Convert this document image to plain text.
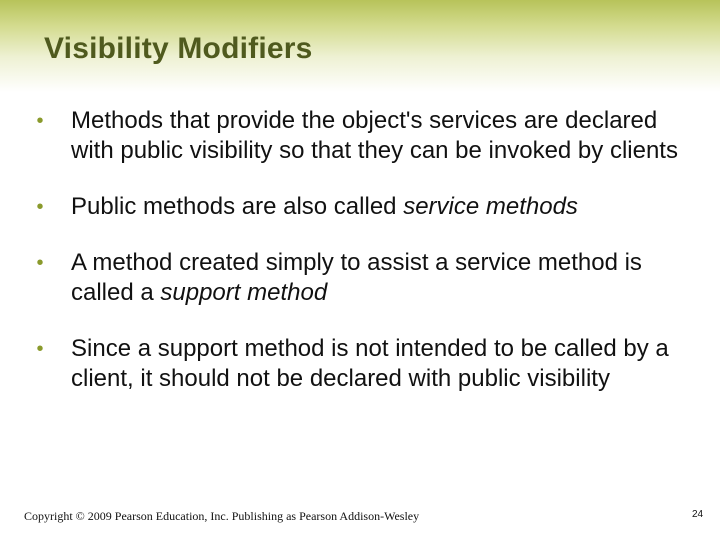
Visibility Modifiers
• Methods that provide the object's services are declared with public visibility so that they can be invoked by clients
• Public methods are also called service methods
• A method created simply to assist a service method is called a support method
• Since a support method is not intended to be called by a client, it should not be declared with public visibility
Copyright © 2009 Pearson Education, Inc. Publishing as Pearson Addison-Wesley	24
